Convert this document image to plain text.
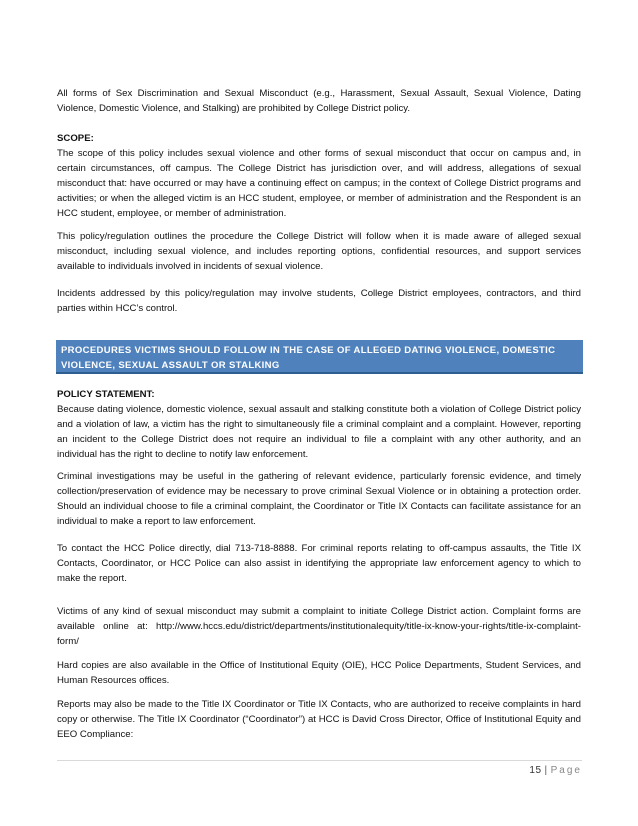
All forms of Sex Discrimination and Sexual Misconduct (e.g., Harassment, Sexual Assault, Sexual Violence, Dating Violence, Domestic Violence, and Stalking) are prohibited by College District policy.
SCOPE:
The scope of this policy includes sexual violence and other forms of sexual misconduct that occur on campus and, in certain circumstances, off campus. The College District has jurisdiction over, and will address, allegations of sexual misconduct that: have occurred or may have a continuing effect on campus; in the context of College District programs and activities; or when the alleged victim is an HCC student, employee, or member of administration and the Respondent is an HCC student, employee, or member of administration.
This policy/regulation outlines the procedure the College District will follow when it is made aware of alleged sexual misconduct, including sexual violence, and includes reporting options, confidential resources, and support services available to individuals involved in incidents of sexual violence.
Incidents addressed by this policy/regulation may involve students, College District employees, contractors, and third parties within HCC’s control.
PROCEDURES VICTIMS SHOULD FOLLOW IN THE CASE OF ALLEGED DATING VIOLENCE, DOMESTIC VIOLENCE, SEXUAL ASSAULT OR STALKING
POLICY STATEMENT:
Because dating violence, domestic violence, sexual assault and stalking constitute both a violation of College District policy and a violation of law, a victim has the right to simultaneously file a criminal complaint and a complaint. However, reporting an incident to the College District does not require an individual to file a complaint with any other authority, and an individual has the right to decline to notify law enforcement.
Criminal investigations may be useful in the gathering of relevant evidence, particularly forensic evidence, and timely collection/preservation of evidence may be necessary to prove criminal Sexual Violence or in obtaining a protection order. Should an individual choose to file a criminal complaint, the Coordinator or Title IX Contacts can facilitate assistance for an individual to make a report to law enforcement.
To contact the HCC Police directly, dial 713-718-8888. For criminal reports relating to off-campus assaults, the Title IX Contacts, Coordinator, or HCC Police can also assist in identifying the appropriate law enforcement agency to which to make the report.
Victims of any kind of sexual misconduct may submit a complaint to initiate College District action. Complaint forms are available online at: http://www.hccs.edu/district/departments/institutionalequity/title-ix-know-your-rights/title-ix-complaint-form/
Hard copies are also available in the Office of Institutional Equity (OIE), HCC Police Departments, Student Services, and Human Resources offices.
Reports may also be made to the Title IX Coordinator or Title IX Contacts, who are authorized to receive complaints in hard copy or otherwise. The Title IX Coordinator (“Coordinator”) at HCC is David Cross Director, Office of Institutional Equity and EEO Compliance:
15 | Page
